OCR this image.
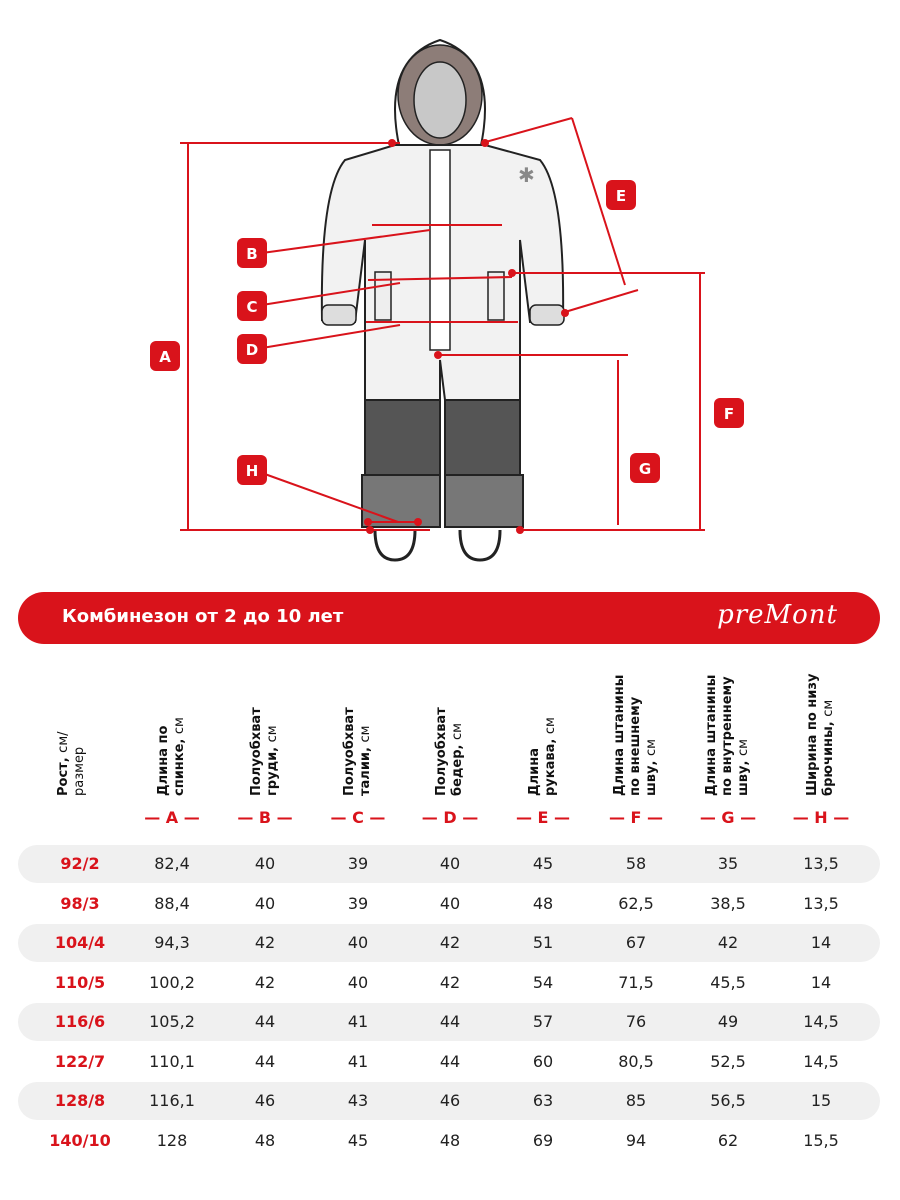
✱
A
B
C
D
E
F
G
H
Комбинезон от 2 до 10 лет	preMont
Рост, см/
размер	Длина по
спинке, см
— A —
Полуобхват
груди, см
— B —
Полуобхват
талии, см
— C —
Полуобхват
бедер, см
— D —
Длина
рукава, см
— E —
Длина штанины
по внешнему
шву, см
— F —
Длина штанины
по внутреннему
шву, см
— G —
Ширина по низу
брючины, см
— H —
92/2	82,4	40	39	40	45	58	35	13,5
98/3	88,4	40	39	40	48	62,5	38,5	13,5
104/4	94,3	42	40	42	51	67	42	14
110/5	100,2	42	40	42	54	71,5	45,5	14
116/6	105,2	44	41	44	57	76	49	14,5
122/7	110,1	44	41	44	60	80,5	52,5	14,5
128/8	116,1	46	43	46	63	85	56,5	15
140/10	128	48	45	48	69	94	62	15,5
